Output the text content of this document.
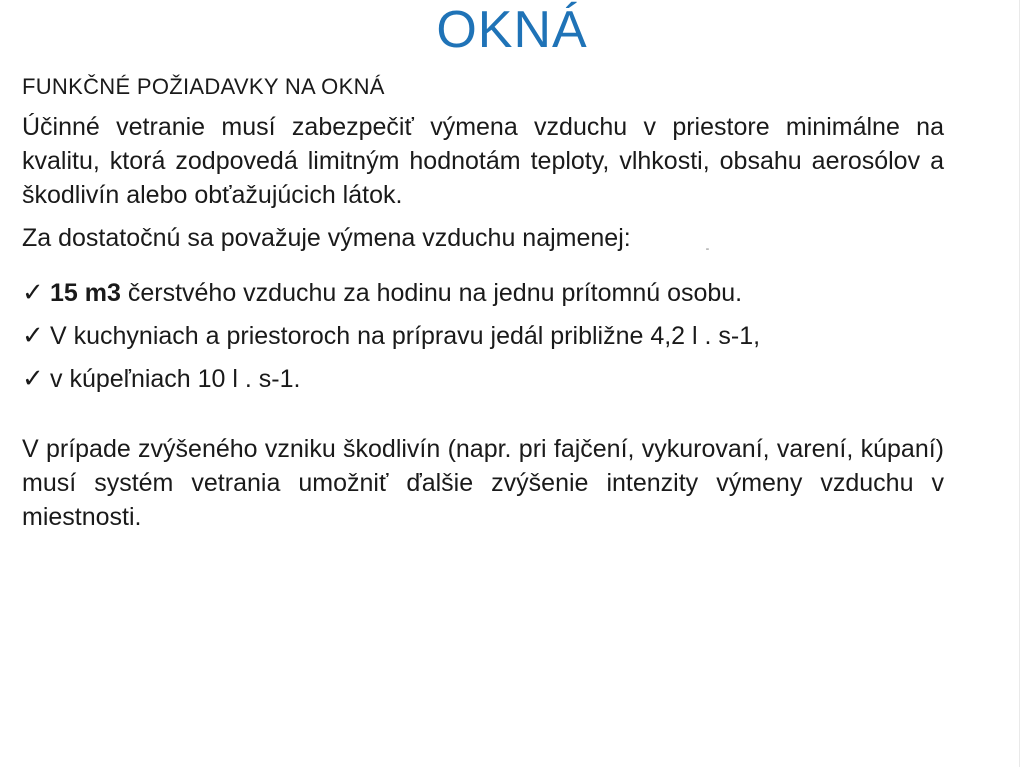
OKNÁ
FUNKČNÉ POŽIADAVKY NA OKNÁ
Účinné vetranie musí zabezpečiť výmena vzduchu v priestore minimálne na kvalitu, ktorá zodpovedá limitným hodnotám teploty, vlhkosti, obsahu aerosólov a škodlivín alebo obťažujúcich látok.
Za dostatočnú sa považuje výmena vzduchu najmenej:	-
✓ 15 m3 čerstvého vzduchu za hodinu na jednu prítomnú osobu.
✓ V kuchyniach a priestoroch na prípravu jedál približne 4,2 l . s-1,
✓ v kúpeľniach 10 l . s-1.
V prípade zvýšeného vzniku škodlivín (napr. pri fajčení, vykurovaní, varení, kúpaní) musí systém vetrania umožniť ďalšie zvýšenie intenzity výmeny vzduchu v miestnosti.
